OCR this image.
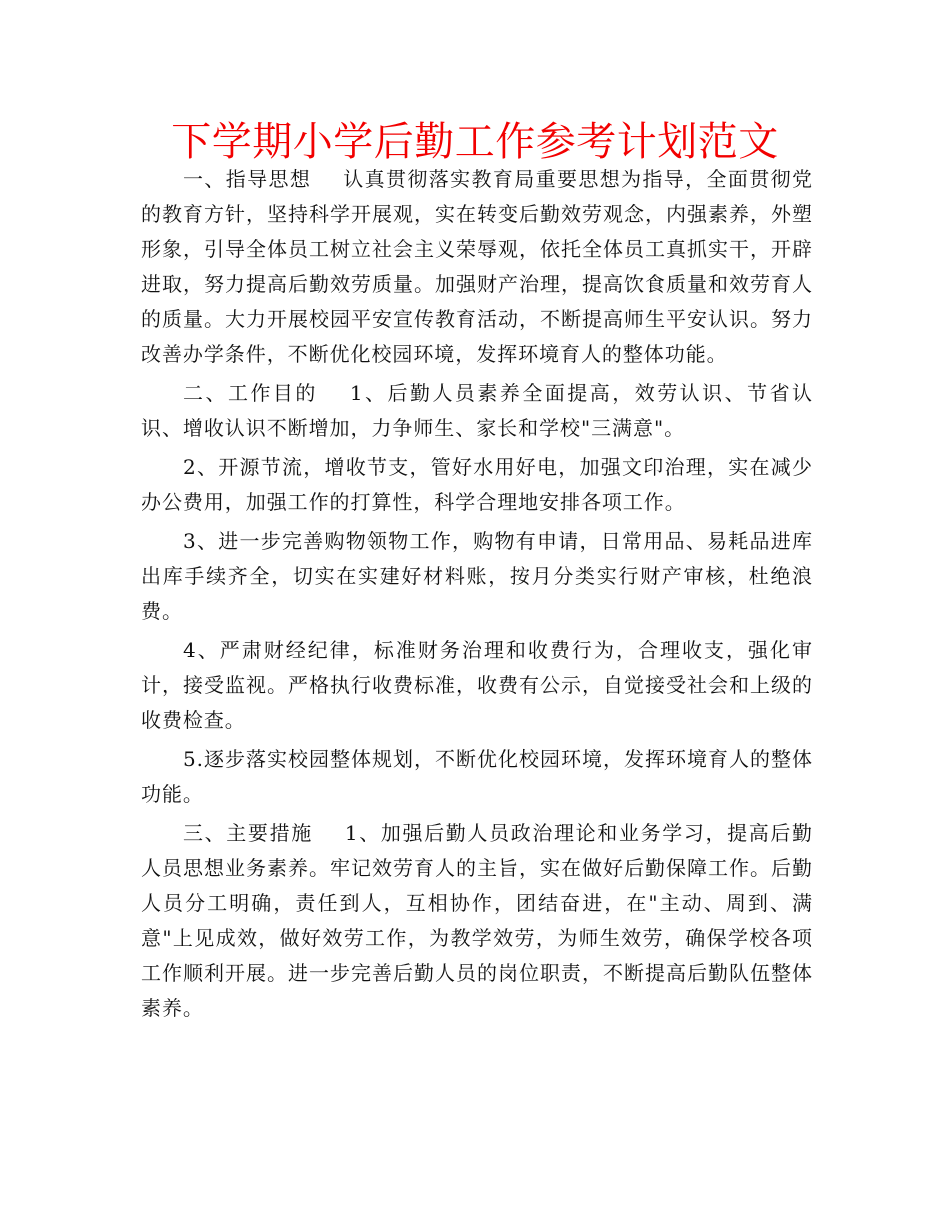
下学期小学后勤工作参考计划范文

一、指导思想 认真贯彻落实教育局重要思想为指导，全面贯彻党的教育方针，坚持科学开展观，实在转变后勤效劳观念，内强素养，外塑形象，引导全体员工树立社会主义荣辱观，依托全体员工真抓实干，开辟进取，努力提高后勤效劳质量。加强财产治理，提高饮食质量和效劳育人的质量。大力开展校园平安宣传教育活动，不断提高师生平安认识。努力改善办学条件，不断优化校园环境，发挥环境育人的整体功能。

二、工作目的 1、后勤人员素养全面提高，效劳认识、节省认识、增收认识不断增加，力争师生、家长和学校"三满意"。

2、开源节流，增收节支，管好水用好电，加强文印治理，实在减少办公费用，加强工作的打算性，科学合理地安排各项工作。

3、进一步完善购物领物工作，购物有申请，日常用品、易耗品进库出库手续齐全，切实在实建好材料账，按月分类实行财产审核，杜绝浪费。

4、严肃财经纪律，标准财务治理和收费行为，合理收支，强化审计，接受监视。严格执行收费标准，收费有公示，自觉接受社会和上级的收费检查。

5.逐步落实校园整体规划，不断优化校园环境，发挥环境育人的整体功能。

三、主要措施 1、加强后勤人员政治理论和业务学习，提高后勤人员思想业务素养。牢记效劳育人的主旨，实在做好后勤保障工作。后勤人员分工明确，责任到人，互相协作，团结奋进，在"主动、周到、满意"上见成效，做好效劳工作，为教学效劳，为师生效劳，确保学校各项工作顺利开展。进一步完善后勤人员的岗位职责，不断提高后勤队伍整体素养。
